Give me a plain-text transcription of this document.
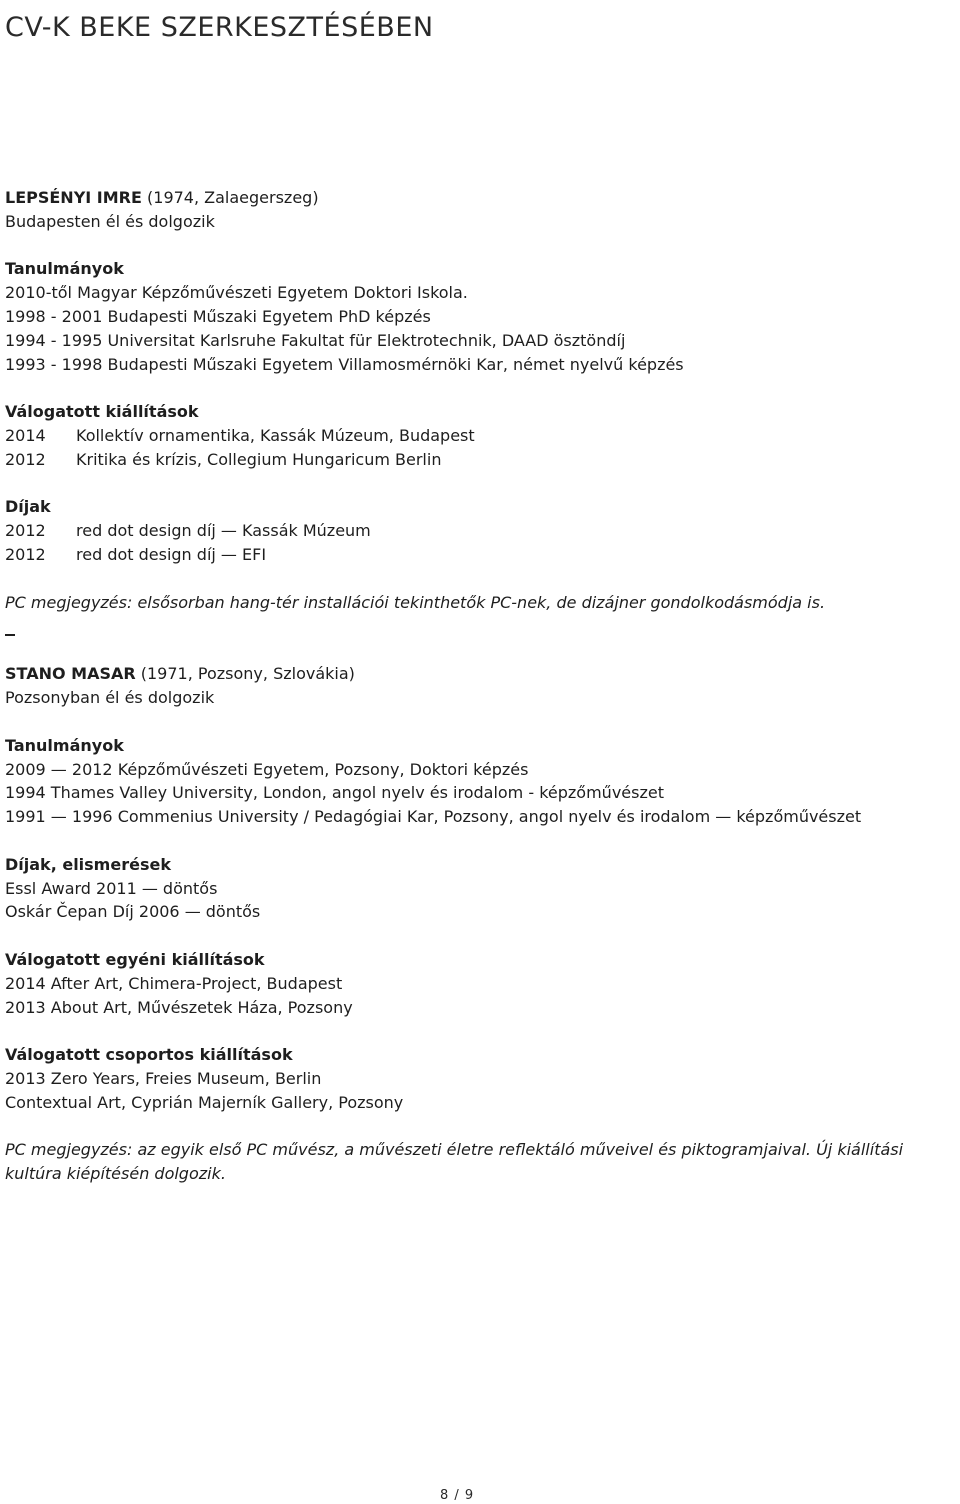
CV-K BEKE SZERKESZTÉSÉBEN
LEPSÉNYI IMRE (1974, Zalaegerszeg)
Budapesten él és dolgozik
Tanulmányok
2010-től Magyar Képzőművészeti Egyetem Doktori Iskola.
1998 - 2001 Budapesti Műszaki Egyetem PhD képzés
1994 - 1995 Universitat Karlsruhe Fakultat für Elektrotechnik, DAAD ösztöndíj
1993 - 1998 Budapesti Műszaki Egyetem Villamosmérnöki Kar, német nyelvű képzés
Válogatott kiállítások
2014 Kollektív ornamentika, Kassák Múzeum, Budapest
2012 Kritika és krízis, Collegium Hungaricum Berlin
Díjak
2012 red dot design díj — Kassák Múzeum
2012 red dot design díj — EFI
PC megjegyzés: elsősorban hang-tér installációi tekinthetők PC-nek, de dizájner gondolkodásmódja is.
STANO MASAR (1971, Pozsony, Szlovákia)
Pozsonyban él és dolgozik
Tanulmányok
2009 — 2012 Képzőművészeti Egyetem, Pozsony, Doktori képzés
1994 Thames Valley University, London, angol nyelv és irodalom - képzőművészet
1991 — 1996 Commenius University / Pedagógiai Kar, Pozsony, angol nyelv és irodalom — képzőművészet
Díjak, elismerések
Essl Award 2011 — döntős
Oskár Čepan Díj 2006 — döntős
Válogatott egyéni kiállítások
2014 After Art, Chimera-Project, Budapest
2013 About Art, Művészetek Háza, Pozsony
Válogatott csoportos kiállítások
2013 Zero Years, Freies Museum, Berlin
Contextual Art, Cyprián Majerník Gallery, Pozsony
PC megjegyzés: az egyik első PC művész, a művészeti életre reflektáló műveivel és piktogramjaival. Új kiállítási kultúra kiépítésén dolgozik.
8 / 9
